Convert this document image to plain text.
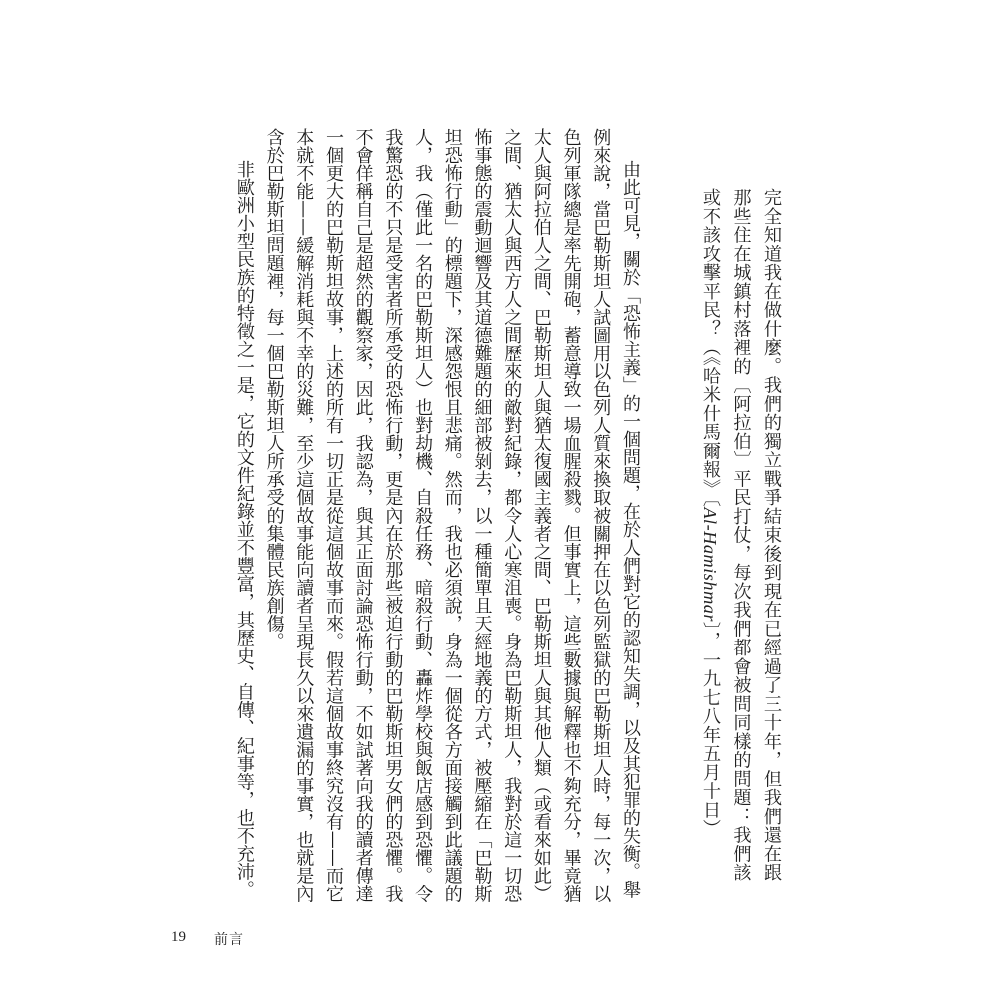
完全知道我在做什麼。我們的獨立戰爭結束後到現在已經過了三十年，但我們還在跟
那些住在城鎮村落裡的〔阿拉伯〕平民打仗，每次我們都會被問同樣的問題：我們該
或不該攻擊平民？（《哈米什馬爾報》〔Al-Hamishmar〕，一九七八年五月十日）
由此可見，關於「恐怖主義」的一個問題，在於人們對它的認知失調，以及其犯罪的失衡。舉
例來說，當巴勒斯坦人試圖用以色列人質來換取被關押在以色列監獄的巴勒斯坦人時，每一次，以
色列軍隊總是率先開砲，蓄意導致一場血腥殺戮。但事實上，這些數據與解釋也不夠充分，畢竟猶
太人與阿拉伯人之間、巴勒斯坦人與猶太復國主義者之間、巴勒斯坦人與其他人類（或看來如此）
之間、猶太人與西方人之間歷來的敵對紀錄，都令人心寒沮喪。身為巴勒斯坦人，我對於這一切恐
怖事態的震動迴響及其道德難題的細部被剝去，以一種簡單且天經地義的方式，被壓縮在「巴勒斯
坦恐怖行動」的標題下，深感怨恨且悲痛。然而，我也必須說，身為一個從各方面接觸到此議題的
人，我（僅此一名的巴勒斯坦人）也對劫機、自殺任務、暗殺行動、轟炸學校與飯店感到恐懼。令
我驚恐的不只是受害者所承受的恐怖行動，更是內在於那些被迫行動的巴勒斯坦男女們的恐懼。我
不會佯稱自己是超然的觀察家，因此，我認為，與其正面討論恐怖行動，不如試著向我的讀者傳達
一個更大的巴勒斯坦故事，上述的所有一切正是從這個故事而來。假若這個故事終究沒有——而它
本就不能——緩解消耗與不幸的災難，至少這個故事能向讀者呈現長久以來遺漏的事實，也就是內
含於巴勒斯坦問題裡，每一個巴勒斯坦人所承受的集體民族創傷。
非歐洲小型民族的特徵之一是，它的文件紀錄並不豐富，其歷史、自傳、紀事等，也不充沛。
19 前言
